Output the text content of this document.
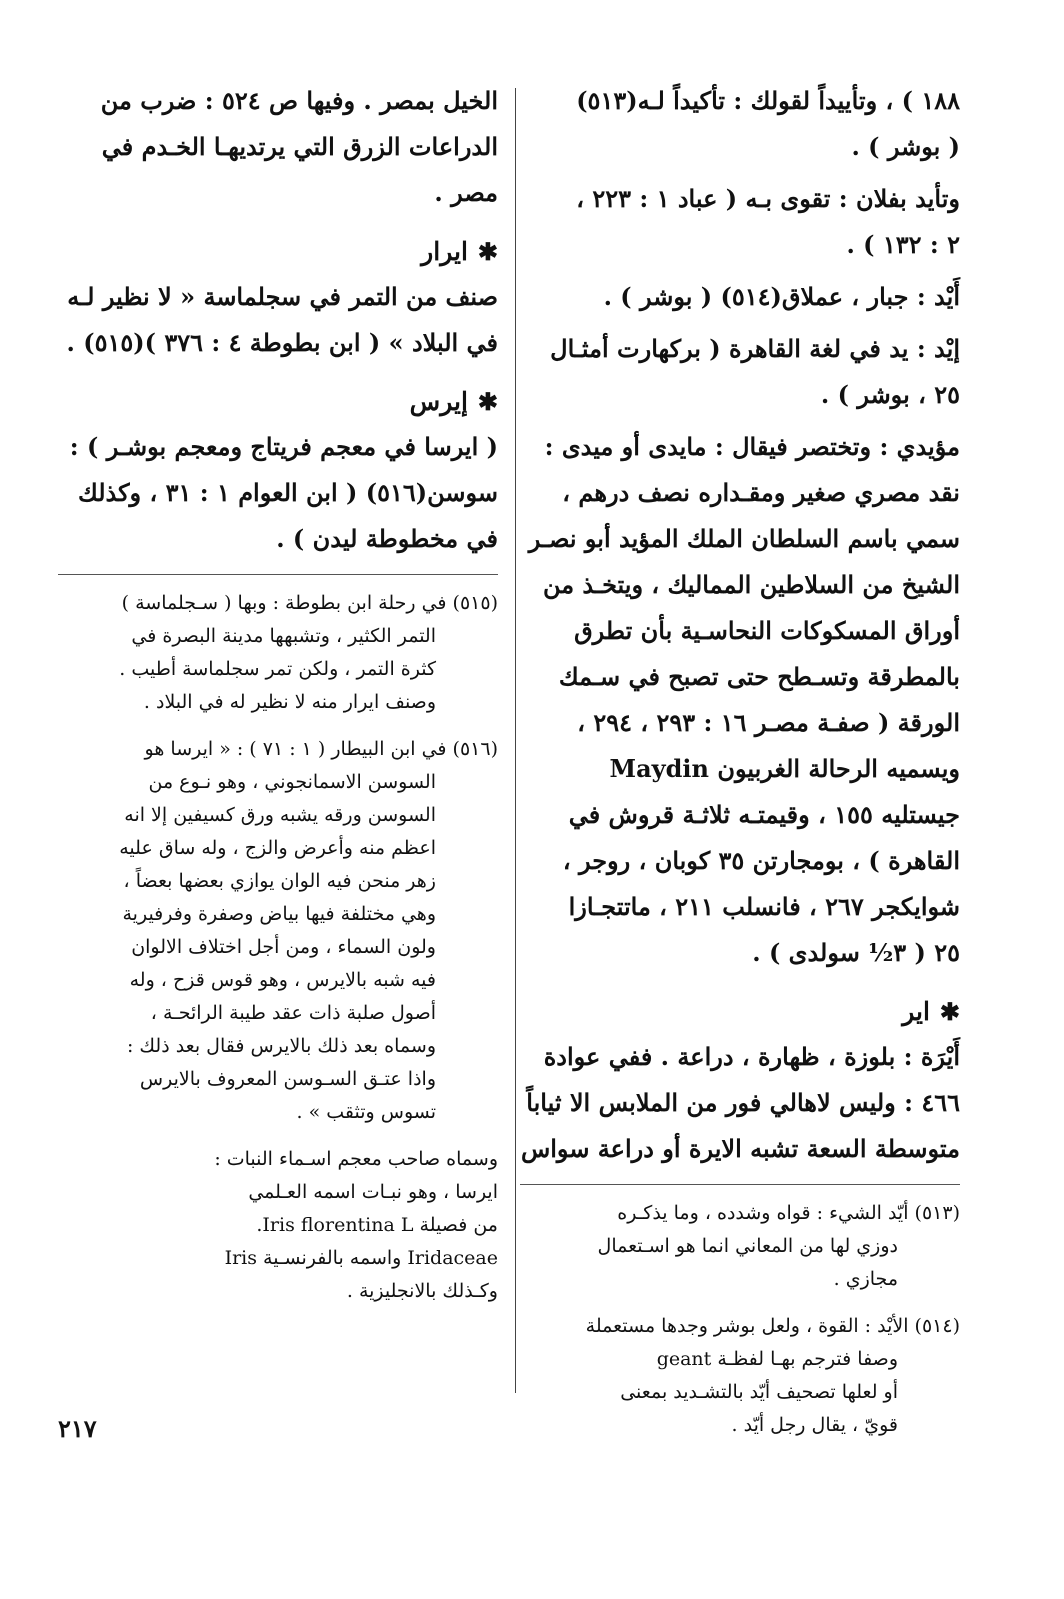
١٨٨ ) ، وتأييداً لقولك : تأكيداً لـه(٥١٣)
( بوشر ) .
وتأيد بفلان : تقوى بـه ( عباد ١ : ٢٢٣ ،
٢ : ١٣٢ ) .
أَيْد : جبار ، عملاق(٥١٤) ( بوشر ) .
إيْد : يد في لغة القاهرة ( بركهارت أمثـال
٢٥ ، بوشر ) .
مؤيدي : وتختصر فيقال : مايدى أو ميدى :
نقد مصري صغير ومقـداره نصف درهم ،
سمي باسم السلطان الملك المؤيد أبو نصـر
الشيخ من السلاطين المماليك ، ويتخـذ من
أوراق المسكوكات النحاسـية بأن تطرق
بالمطرقة وتسـطح حتى تصبح في سـمك
الورقة ( صفـة مصـر ١٦ : ٢٩٣ ، ٢٩٤ ،
ويسميه الرحالة الغربيون Maydin
جيستليه ١٥٥ ، وقيمتـه ثلاثـة قروش في
القاهرة ) ، بومجارتن ٣٥ كوبان ، روجر ،
شوايكجر ٢٦٧ ، فانسلب ٢١١ ، ماتتجـازا
٢٥ ( ٣½ سولدى ) .
✱اير
أَيْرَة : بلوزة ، ظهارة ، دراعة . ففي عوادة
٤٦٦ : وليس لاهالي فور من الملابس الا ثياباً
متوسطة السعة تشبه الايرة أو دراعة سواس
(٥١٣) أيّد الشيء : قواه وشدده ، وما يذكـره
دوزي لها من المعاني انما هو اسـتعمال
مجازي .
(٥١٤) الأيْد : القوة ، ولعل بوشر وجدها مستعملة
وصفا فترجم بهـا لفظـة geant
أو لعلها تصحيف أيّد بالتشـديد بمعنى
قويّ ، يقال رجل أيّد .
الخيل بمصر . وفيها ص ٥٢٤ : ضرب من
الدراعات الزرق التي يرتديهـا الخـدم في
مصر .
✱ايرار
صنف من التمر في سجلماسة « لا نظير لـه
في البلاد » ( ابن بطوطة ٤ : ٣٧٦ )(٥١٥) .
✱إيرس
( ايرسا في معجم فريتاج ومعجم بوشـر ) :
سوسن(٥١٦) ( ابن العوام ١ : ٣١ ، وكذلك
في مخطوطة ليدن ) .
(٥١٥) في رحلة ابن بطوطة : وبها ( سـجلماسة )
التمر الكثير ، وتشبهها مدينة البصرة في
كثرة التمر ، ولكن تمر سجلماسة أطيب .
وصنف ايرار منه لا نظير له في البلاد .
(٥١٦) في ابن البيطار ( ١ : ٧١ ) : « ايرسا هو
السوسن الاسمانجوني ، وهو نـوع من
السوسن ورقه يشبه ورق كسيفين إلا انه
اعظم منه وأعرض والزج ، وله ساق عليه
زهر منحن فيه الوان يوازي بعضها بعضاً ،
وهي مختلفة فيها بياض وصفرة وفرفيرية
ولون السماء ، ومن أجل اختلاف الالوان
فيه شبه بالايرس ، وهو قوس قزح ، وله
أصول صلبة ذات عقد طيبة الرائحـة ،
وسماه بعد ذلك بالايرس فقال بعد ذلك :
واذا عتـق السـوسن المعروف بالايرس
تسوس وتثقب » .
وسماه صاحب معجم اسـماء النبات :
ايرسا ، وهو نبـات اسمه العـلمي
من فصيلة Iris florentina L.
Iridaceae واسمه بالفرنسـية Iris
وكـذلك بالانجليزية .
٢١٧
